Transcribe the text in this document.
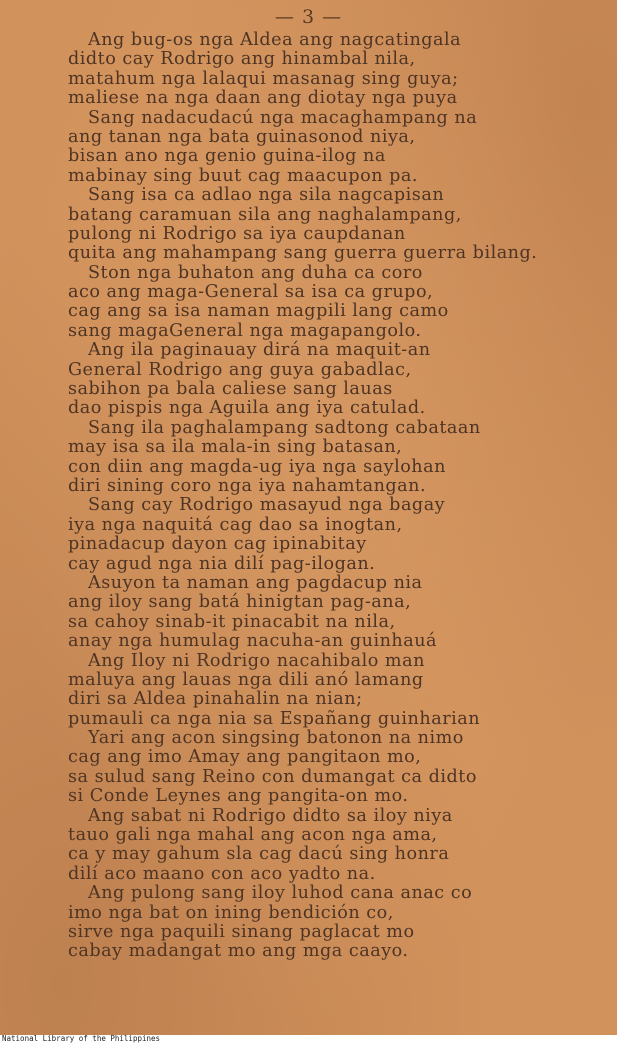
— 3 —
Ang bug-os nga Aldea ang nagcatingala
didto cay Rodrigo ang hinambal nila,
matahum nga lalaqui masanag sing guya;
maliese na nga daan ang diotay nga puya
Sang nadacudacú nga macaghampang na
ang tanan nga bata guinasonod niya,
bisan ano nga genio guina-ilog na
mabinay sing buut cag maacupon pa.
Sang isa ca adlao nga sila nagcapisan
batang caramuan sila ang naghalampang,
pulong ni Rodrigo sa iya caupdanan
quita ang mahampang sang guerra guerra bilang.
Ston nga buhaton ang duha ca coro
aco ang maga-General sa isa ca grupo,
cag ang sa isa naman magpili lang camo
sang magaGeneral nga magapangolo.
Ang ila paginauay dirá na maquit-an
General Rodrigo ang guya gabadlac,
sabihon pa bala caliese sang lauas
dao pispis nga Aguila ang iya catulad.
Sang ila paghalampang sadtong cabataan
may isa sa ila mala-in sing batasan,
con diin ang magda-ug iya nga saylohan
diri sining coro nga iya nahamtangan.
Sang cay Rodrigo masayud nga bagay
iya nga naquitá cag dao sa inogtan,
pinadacup dayon cag ipinabitay
cay agud nga nia dilí pag-ilogan.
Asuyon ta naman ang pagdacup nia
ang iloy sang batá hinigtan pag-ana,
sa cahoy sinab-it pinacabit na nila,
anay nga humulag nacuha-an guinhauá
Ang Iloy ni Rodrigo nacahibalo man
maluya ang lauas nga dili anó lamang
diri sa Aldea pinahalin na nian;
pumauli ca nga nia sa Españang guinharian
Yari ang acon singsing batonon na nimo
cag ang imo Amay ang pangitaon mo,
sa sulud sang Reino con dumangat ca didto
si Conde Leynes ang pangita-on mo.
Ang sabat ni Rodrigo didto sa iloy niya
tauo gali nga mahal ang acon nga ama,
ca y may gahum sla cag dacú sing honra
dilí aco maano con aco yadto na.
Ang pulong sang iloy luhod cana anac co
imo nga bat on ining bendición co,
sirve nga paquili sinang paglacat mo
cabay madangat mo ang mga caayo.
National Library of the Philippines
